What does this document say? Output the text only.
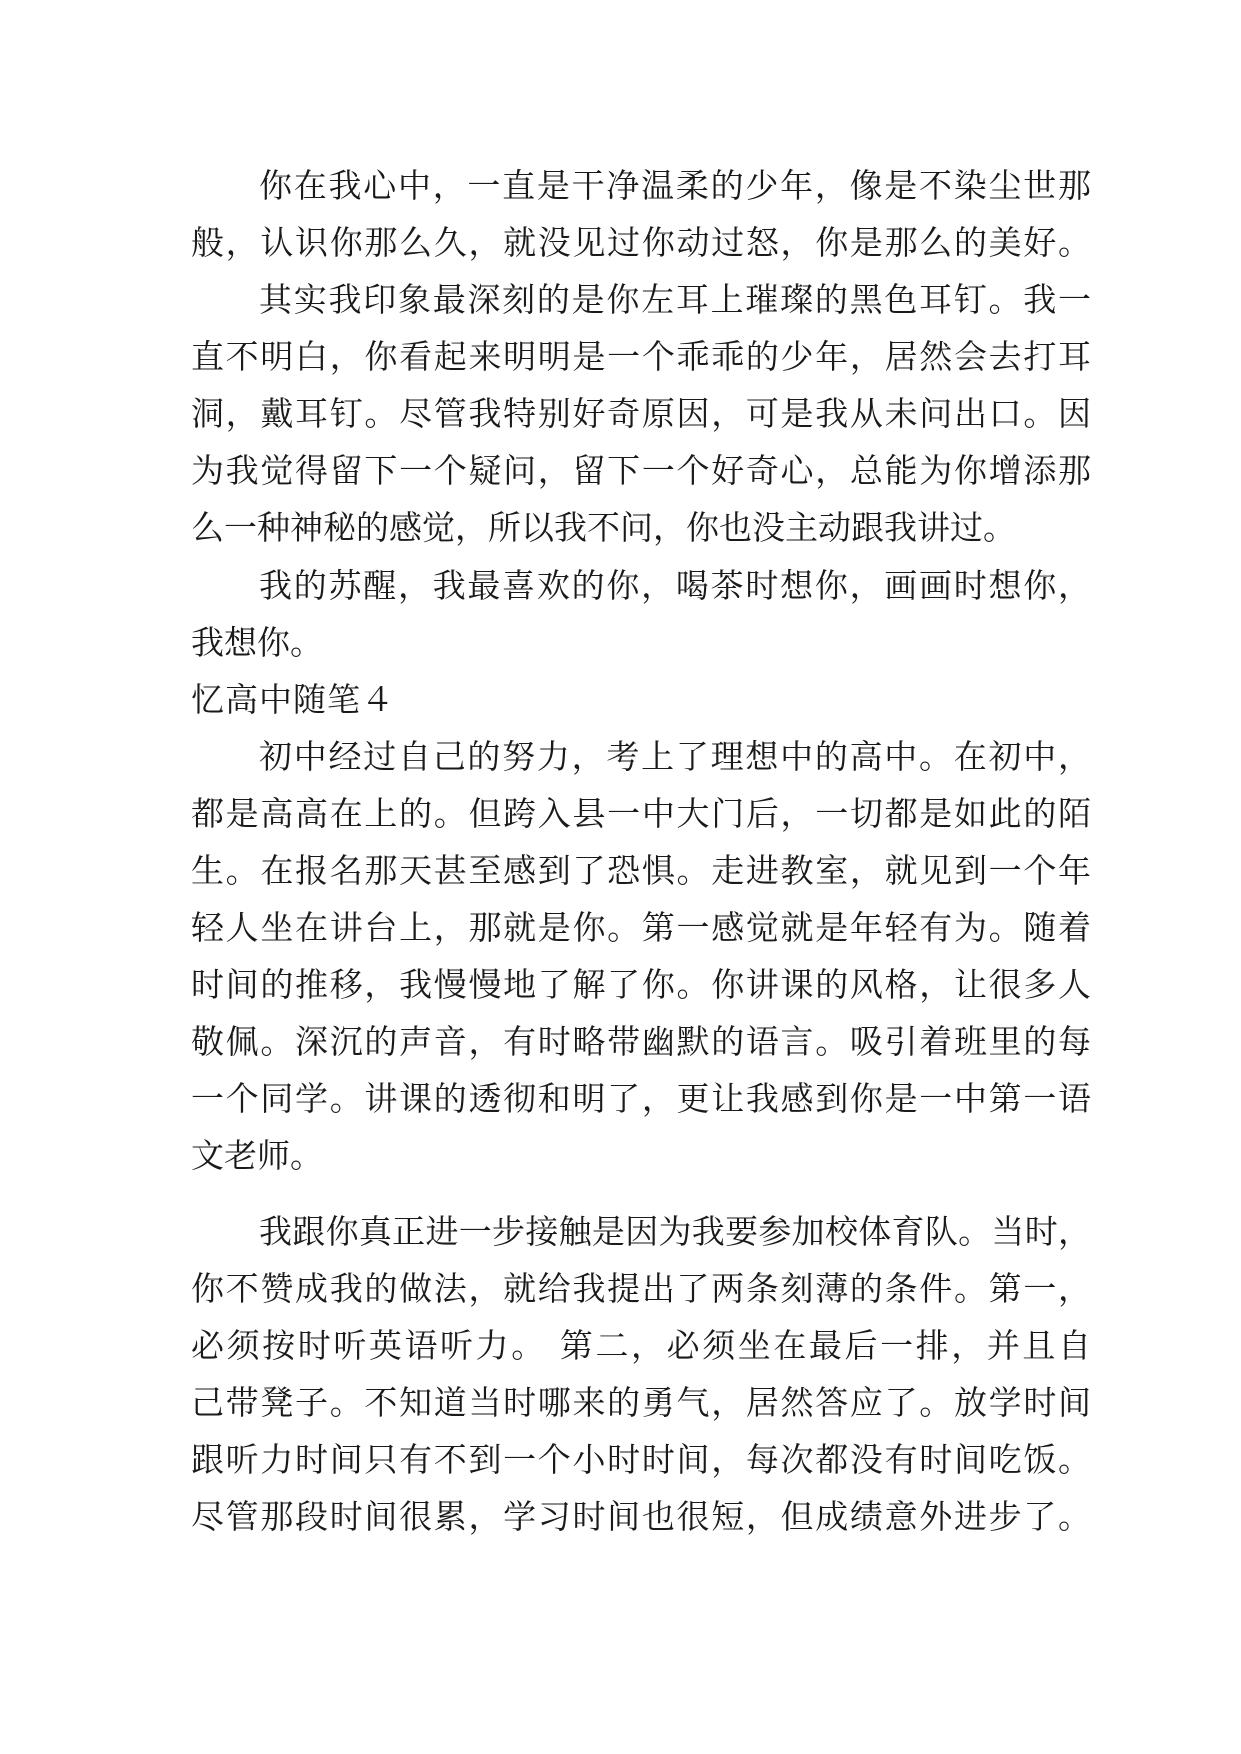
你在我心中，一直是干净温柔的少年，像是不染尘世那
般，认识你那么久，就没见过你动过怒，你是那么的美好。
其实我印象最深刻的是你左耳上璀璨的黑色耳钉。我一
直不明白，你看起来明明是一个乖乖的少年，居然会去打耳
洞，戴耳钉。尽管我特别好奇原因，可是我从未问出口。因
为我觉得留下一个疑问，留下一个好奇心，总能为你增添那
么一种神秘的感觉，所以我不问，你也没主动跟我讲过。
我的苏醒，我最喜欢的你，喝茶时想你，画画时想你，
我想你。
忆高中随笔４
初中经过自己的努力，考上了理想中的高中。在初中，
都是高高在上的。但跨入县一中大门后，一切都是如此的陌
生。在报名那天甚至感到了恐惧。走进教室，就见到一个年
轻人坐在讲台上，那就是你。第一感觉就是年轻有为。随着
时间的推移，我慢慢地了解了你。你讲课的风格，让很多人
敬佩。深沉的声音，有时略带幽默的语言。吸引着班里的每
一个同学。讲课的透彻和明了，更让我感到你是一中第一语
文老师。
我跟你真正进一步接触是因为我要参加校体育队。当时，
你不赞成我的做法，就给我提出了两条刻薄的条件。第一，
必须按时听英语听力。 第二，必须坐在最后一排，并且自
己带凳子。不知道当时哪来的勇气，居然答应了。放学时间
跟听力时间只有不到一个小时时间，每次都没有时间吃饭。
尽管那段时间很累，学习时间也很短，但成绩意外进步了。
